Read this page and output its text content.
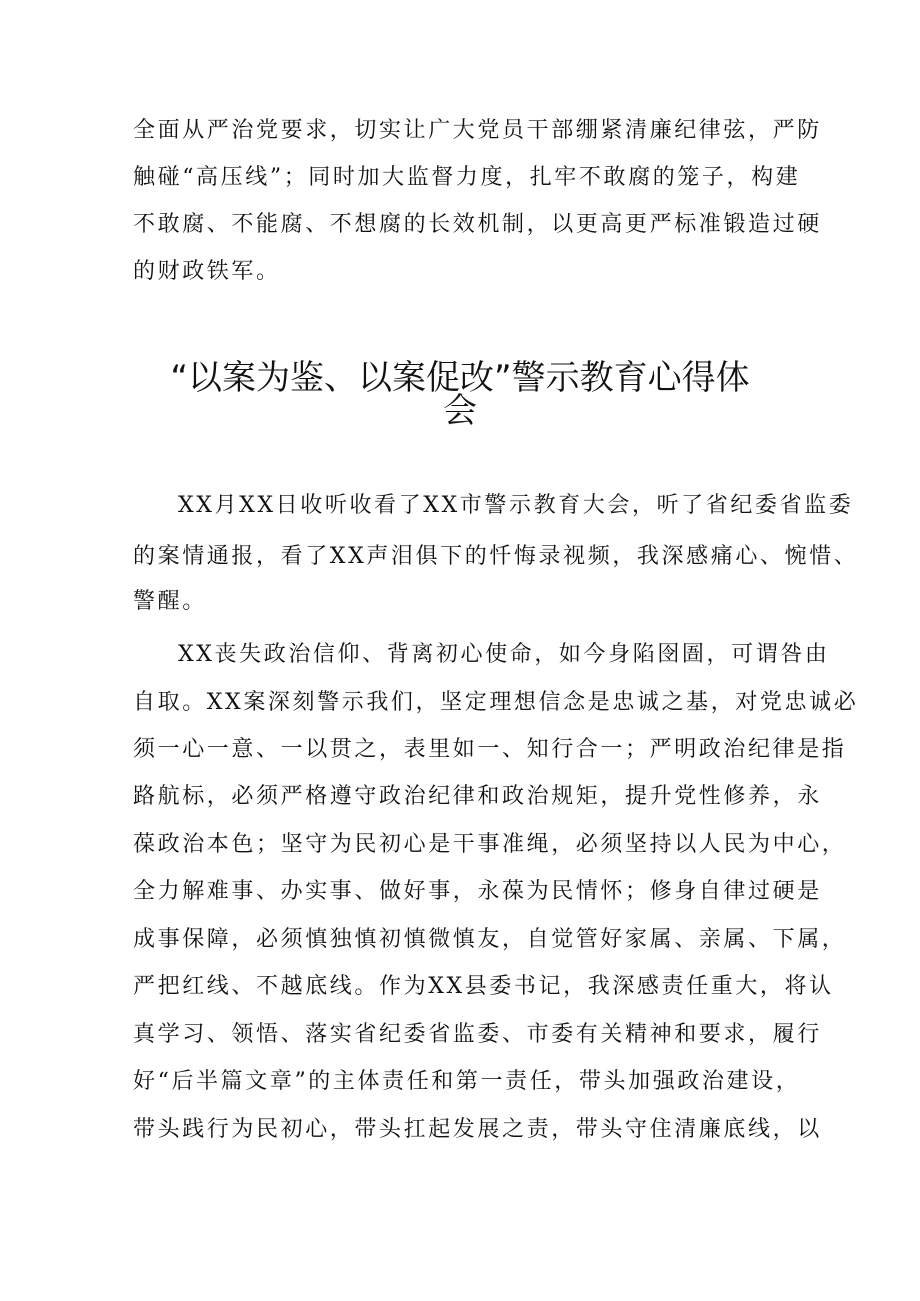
全面从严治党要求，切实让广大党员干部绷紧清廉纪律弦，严防
触碰“高压线”；同时加大监督力度，扎牢不敢腐的笼子，构建
不敢腐、不能腐、不想腐的长效机制，以更高更严标准锻造过硬
的财政铁军。
“以案为鉴、以案促改”警示教育心得体
会
XX月XX日收听收看了XX市警示教育大会，听了省纪委省监委
的案情通报，看了XX声泪俱下的忏悔录视频，我深感痛心、惋惜、
警醒。
XX丧失政治信仰、背离初心使命，如今身陷囹圄，可谓咎由
自取。XX案深刻警示我们，坚定理想信念是忠诚之基，对党忠诚必
须一心一意、一以贯之，表里如一、知行合一；严明政治纪律是指
路航标，必须严格遵守政治纪律和政治规矩，提升党性修养，永
葆政治本色；坚守为民初心是干事准绳，必须坚持以人民为中心，
全力解难事、办实事、做好事，永葆为民情怀；修身自律过硬是
成事保障，必须慎独慎初慎微慎友，自觉管好家属、亲属、下属，
严把红线、不越底线。作为XX县委书记，我深感责任重大，将认
真学习、领悟、落实省纪委省监委、市委有关精神和要求，履行
好“后半篇文章”的主体责任和第一责任，带头加强政治建设，
带头践行为民初心，带头扛起发展之责，带头守住清廉底线，以
